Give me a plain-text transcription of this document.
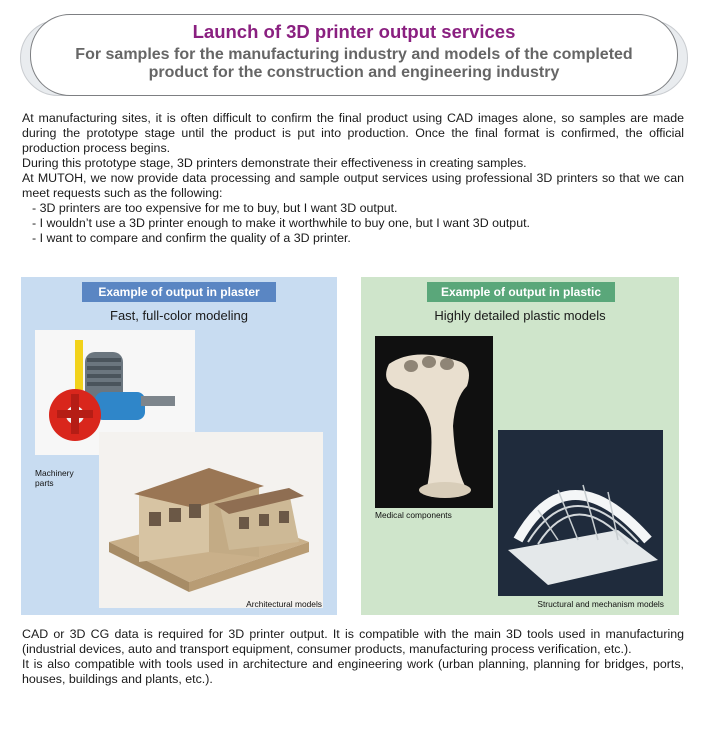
Launch of 3D printer output services
For samples for the manufacturing industry and models of the completed product for the construction and engineering industry

At manufacturing sites, it is often difficult to confirm the final product using CAD images alone, so samples are made during the prototype stage until the product is put into production. Once the final format is confirmed, the official production process begins.

During this prototype stage, 3D printers demonstrate their effectiveness in creating samples.

At MUTOH, we now provide data processing and sample output services using professional 3D printers so that we can meet requests such as the following:

- 3D printers are too expensive for me to buy, but I want 3D output.
- I wouldn’t use a 3D printer enough to make it worthwhile to buy one, but I want 3D output.
- I want to compare and confirm the quality of a 3D printer.
Example of output in plaster
Fast, full-color modeling
Machinery
parts
Architectural models
Example of output in plastic
Highly detailed plastic models
Medical components
Structural and mechanism models

CAD or 3D CG data is required for 3D printer output. It is compatible with the main 3D tools used in manufacturing (industrial devices, auto and transport equipment, consumer products, manufacturing process verification, etc.).

It is also compatible with tools used in architecture and engineering work (urban planning, planning for bridges, ports, houses, buildings and plants, etc.).
